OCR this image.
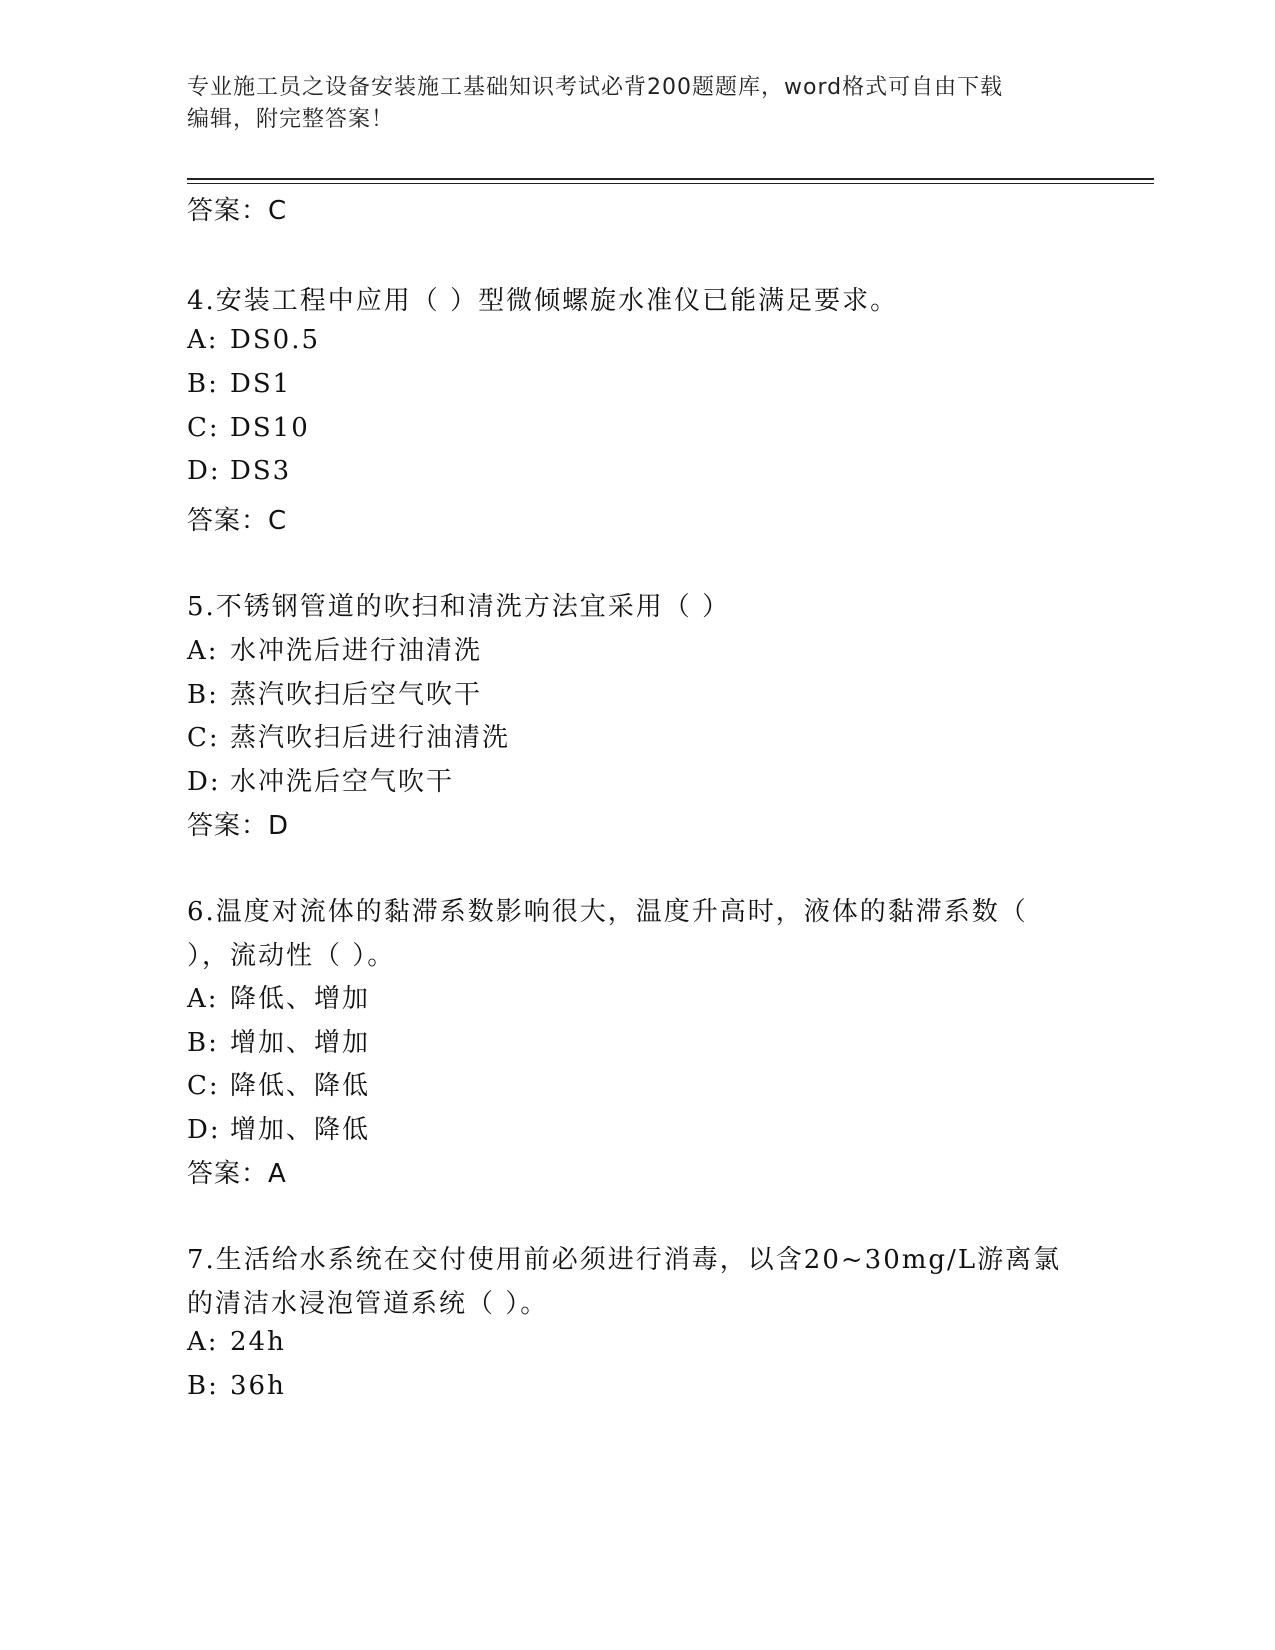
专业施工员之设备安装施工基础知识考试必背200题题库，word格式可自由下载
编辑，附完整答案！
答案：C
4.安装工程中应用（ ）型微倾螺旋水准仪已能满足要求。
A: DS0.5
B: DS1
C: DS10
D: DS3
答案：C
5.不锈钢管道的吹扫和清洗方法宜采用（ ）
A: 水冲洗后进行油清洗
B: 蒸汽吹扫后空气吹干
C: 蒸汽吹扫后进行油清洗
D: 水冲洗后空气吹干
答案：D
6.温度对流体的黏滞系数影响很大，温度升高时，液体的黏滞系数（
），流动性（ ）。
A: 降低、增加
B: 增加、增加
C: 降低、降低
D: 增加、降低
答案：A
7.生活给水系统在交付使用前必须进行消毒，以含20~30mg/L游离氯
的清洁水浸泡管道系统（ ）。
A: 24h
B: 36h
